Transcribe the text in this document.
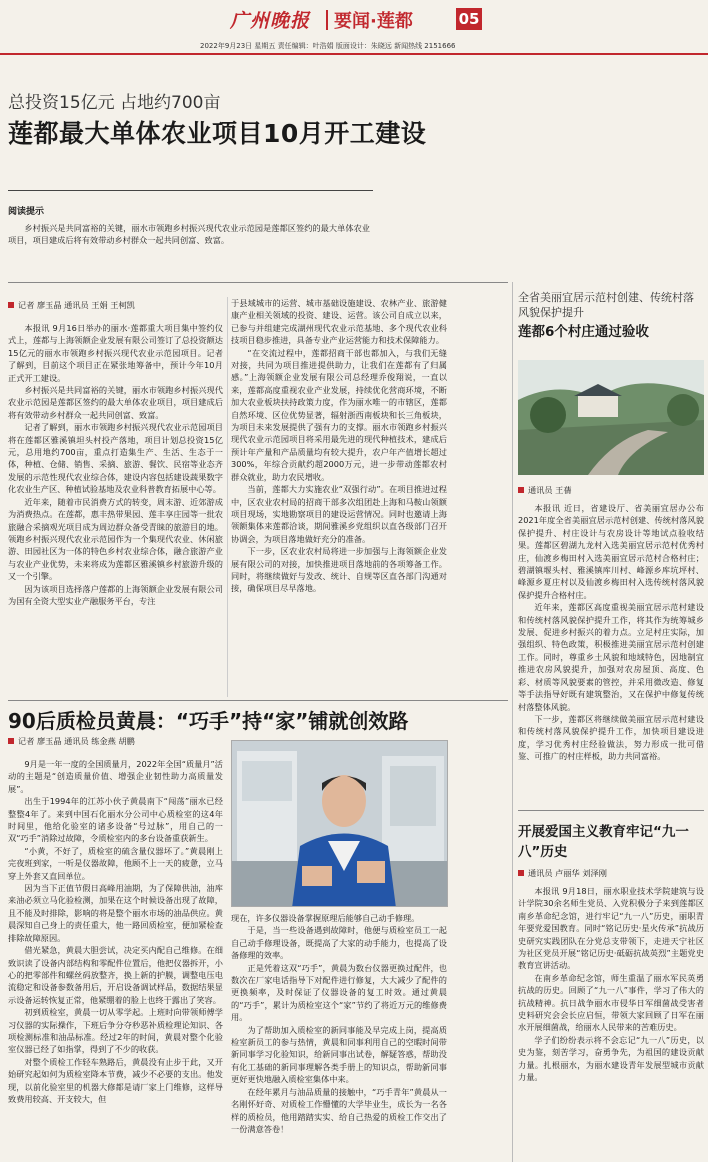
广州晚报 要闻·莲都	05
2022年9月23日 星期五 责任编辑：叶浩娟 版面设计：朱晓远 新闻热线 2151666
总投资15亿元 占地约700亩
莲都最大单体农业项目10月开工建设
阅读提示

乡村振兴是共同富裕的关键，丽水市领跑乡村振兴现代农业示范园是莲都区签约的最大单体农业项目，项目建成后将有效带动乡村群众一起共同创富、致富。

记者 廖玉晶 通讯员 王娟 王柯凯

本报讯 9月16日举办的丽水·莲都重大项目集中签约仪式上，莲都与上海领额企业发展有限公司签订了总投资额达15亿元的丽水市领跑乡村振兴现代农业示范园项目。记者了解到，目前这个项目正在紧张地筹备中，预计今年10月正式开工建设。

乡村振兴是共同富裕的关键，丽水市领跑乡村振兴现代农业示范园是莲都区签约的最大单体农业项目，项目建成后将有效带动乡村群众一起共同创富、致富。

记者了解到，丽水市领跑乡村振兴现代农业示范园项目将在莲都区雅溪镇坦头村投产落地，项目计划总投资15亿元，总用地约700亩，重点打造集生产、生活、生态于一体，种植、仓储、销售、采摘、旅游、餐饮、民宿等业态齐发展的示范性现代农业综合体，建设内容包括建设蔬果数字化农业生产区、种植试验基地及农业科普教育拓展中心等。

近年来，随着市民消费方式的转变，周末游、近郊游成为消费热点。在莲都，惠丰热带果园、莲丰享庄园等一批农旅融合采摘观光项目成为周边群众备受青睐的旅游目的地。领跑乡村振兴现代农业示范园作为一个集现代农业、休闲旅游、田园社区为一体的特色乡村农业综合体，融合旅游产业与农业产业优势，未来将成为莲都区雅溪镇乡村旅游升级的又一个引擎。

因为该项目选择落户莲都的上海领额企业发展有限公司为国有全资大型实业产融服务平台，专注

于县域城市的运营、城市基础设施建设、农林产业、旅游健康产业相关领域的投资、建设、运营。该公司自成立以来，已参与并组建完成湖州现代农业示范基地、多个现代农业科技项目稳步推进，具备专业产业运营能力和技术保障能力。

“在交流过程中，莲都招商干部也都加入，与我们无缝对接，共同为项目推进提供助力，让我们在莲都有了归属感。”上海领额企业发展有限公司总经理乔俊翔说，一直以来，莲都高度重视农业产业发展，持续优化营商环境，不断加大农业板块扶持政策力度，作为丽水唯一的市辖区，莲都自然环境、区位优势显著，辐射浙西南板块和长三角板块，为项目未来发展提供了强有力的支撑。丽水市领跑乡村振兴现代农业示范园项目将采用最先进的现代种植技术，建成后预计年产量和产品质量均有较大提升，农户年产值增长超过300%，年综合贡献约超2000万元，进一步带动莲都农村群众就业，助力农民增收。

当前，莲都大力实施农业“双强行动”。在项目推进过程中，区农业农村局的招商干部多次组团赴上海和马鞍山领额项目现场，实地勘察项目的建设运营情况。同时也邀请上海领额集体来莲都洽谈，期间雅溪乡党组织以直各级部门召开协调会，为项目落地做好充分的准备。

下一步，区农业农村局将进一步加强与上海领额企业发展有限公司的对接，加快推进项目落地前的各项筹备工作。同时，将继续做好与发改、统计、自规等区直各部门沟通对接，确保项目尽早落地。

90后质检员黄晨：“巧手”持“家”铺就创效路
记者 廖玉晶 通讯员 练金燕 胡鹏

9月是一年一度的全国质量月，2022年全国“质量月”活动的主题是“创造质量价值、增强企业韧性助力高质量发展”。

出生于1994年的江苏小伙子黄晨南下“闯荡”丽水已经整整4年了。来到中国石化丽水分公司中心质检室的这4年时间里，他给化验室的诸多设备“号过脉”，用自己的一双“巧手”消除过故障，令质检室内的多台设备重获新生。

“小黄，不好了，质检室的硫含量仪器坏了。”黄晨刚上完夜班到家，一听是仪器故障，他顾不上一天的疲惫，立马穿上外套又直回单位。

因为当下正值节假日高峰用油期，为了保障供油，油库来油必须立马化验检测，加果在这个时候设备出现了故障，且不能及时排除，影响的将是整个丽水市场的油品供应。黄晨深知自己身上的责任重大，他一路回质检室，便加紧检查排除故障原因。

借光紧急，黄晨大胆尝试，决定买内配自己维修。在细致识读了设备内部结构和零配件位置后，他把仪器拆开，小心的把零部件和螺丝码放整齐，换上新的护膜，调整电压电流稳定和设备参数备用后，开启设备调试样品，数据结果显示设备运转恢复正常，他紧绷着的脸上也终于露出了笑容。

初到质检室，黄晨一切从零学起。上班时向带领师傅学习仪器的实际操作，下班后争分夺秒恶补质检理论知识、各项检测标准和油品标准。经过2年的时间，黄晨对整个化验室仪器已经了如指掌，得到了不少的收获。

对整个质检工作轻车熟路后，黄晨没有止步于此，又开始研究起如何为质检室降本节费，减少不必要的支出。他发现，以前化验室里的机器大修都是请厂家上门维修，这样导致费用较高、开支较大，但

现在，许多仪器设备掌握原理后能够自己动手修理。

于是，当一些设备遇到故障时，他便与质检室员工一起自己动手修理设备，既提高了大家的动手能力，也提高了设备修理的效率。

正是凭着这双“巧手”，黄晨为数台仪器更换过配件，也数次在厂家电话指导下对配件进行修复，大大减少了配件的更换频率，及时保证了仪器设备的复工时效。通过黄晨的“巧手”，累计为质检室这个“家”节约了将近万元的维修费用。

为了帮助加入质检室的新同事能及早完成上岗，提高质检室新员工的参与热情，黄晨和同事利用自己的空暇时间带新同事学习化验知识，给新同事出试卷，解疑答惑，帮助没有化工基础的新同事理解各类手册上的知识点，帮助新同事更好更快地融入质检室集体中来。

在经年累月与油品质量的接触中，“巧手青年”黄晨从一名刚怀好奇、对质检工作懵懂的大学毕业生，成长为一名各样的质检员，他用踏踏实实、给自己热爱的质检工作交出了一份满意答卷！

全省美丽宜居示范村创建、传统村落风貌保护提升
莲都6个村庄通过验收
通讯员 王蒨

本报讯 近日，省建设厅、省美丽宜居办公布2021年度全省美丽宜居示范村创建、传统村落风貌保护提升、村庄设计与农房设计等地试点验收结果。莲都区碧湖九龙村入选美丽宜居示范村优秀村庄，仙渡乡梅田村入选美丽宜居示范村合格村庄；碧湖镇堰头村、雅溪镇库川村、峰源乡库坑坪村、峰源乡夏庄村以及仙渡乡梅田村入选传统村落风貌保护提升合格村庄。

近年来，莲都区高度重视美丽宜居示范村建设和传统村落风貌保护提升工作，将其作为统筹城乡发展、促进乡村振兴的着力点。立足村庄实际，加强组织、特色政策，积极推进美丽宜居示范村创建工作。同时，尊重乡土风貌和地域特色，因地制宜推进农房风貌提升，加强对农房屋顶、高度、色彩、材质等风貌要素的管控，并采用微改造、修复等手法指导好既有建筑整治，又在保护中修复传统村落整体风貌。

下一步，莲都区将继续做美丽宜居示范村建设和传统村落风貌保护提升工作，加快项目建设进度，学习优秀村庄经验做法，努力形成一批可借鉴、可推广的村庄样板，助力共同富裕。

开展爱国主义教育牢记“九一八”历史
通讯员 卢丽华 刘泽刚

本报讯 9月18日，丽水职业技术学院建筑与设计学院30余名师生党员、入党积极分子来到莲都区南乡革命纪念馆，进行牢记“九一八”历史，丽职青年要党爱国教育。同时“铭记历史·星火传承”抗战历史研究实践团队在分党总支带领下，走进天宁社区为社区党员开展“铭记历史·砥砺抗战英烈”主题党史教育宣讲活动。

在南乡革命纪念馆，师生重温了丽水军民英勇抗战的历史。回顾了“九一八”事件，学习了伟大的抗战精神。抗日战争丽水市侵华日军细菌战受害者史料研究会会长应启恒，带领大家回顾了日军在丽水开展细菌战，给丽水人民带来的苦难历史。

学子们纷纷表示将不会忘记“九一八”历史，以史为鉴，刻苦学习，奋勇争先，为祖国的建设贡献力量。扎根丽水，为丽水建设青年发展型城市贡献力量。
